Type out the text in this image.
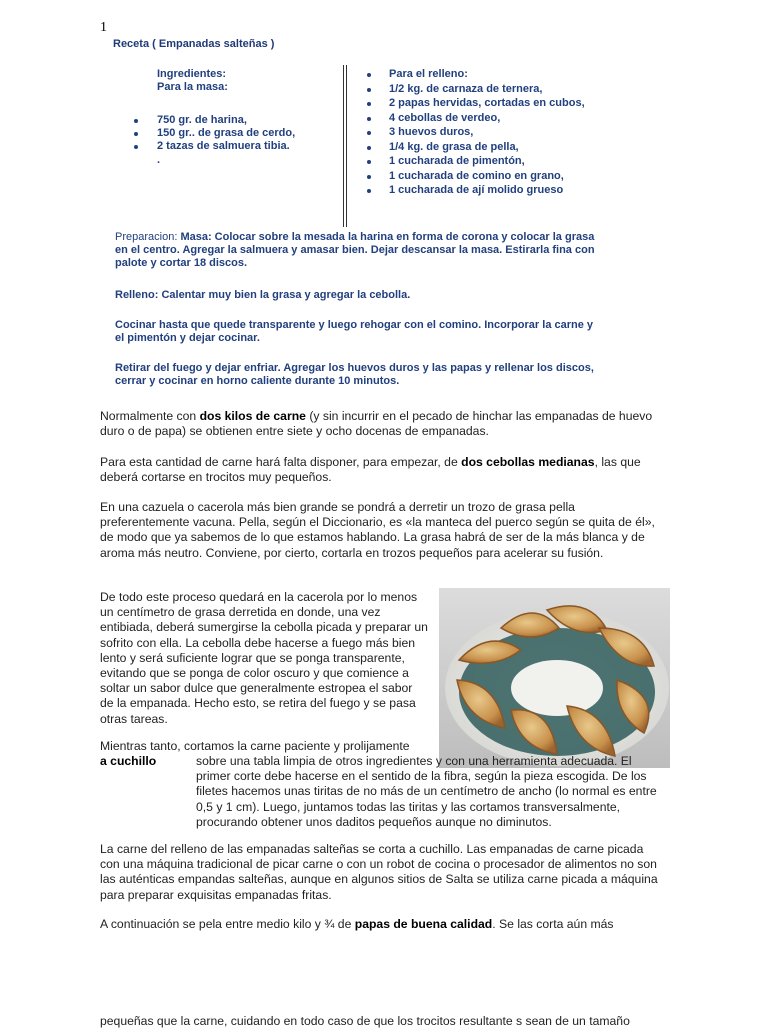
1
Receta ( Empanadas salteñas )
Ingredientes:
Para la masa:
750 gr. de harina,
150 gr.. de grasa de cerdo,
2 tazas de salmuera tibia.
.
Para el relleno:
1/2 kg. de carnaza de ternera,
2 papas hervidas, cortadas en cubos,
4 cebollas de verdeo,
3 huevos duros,
1/4 kg. de grasa de pella,
1 cucharada de pimentón,
1 cucharada de comino en grano,
1 cucharada de ají molido grueso
Preparacion: Masa: Colocar sobre la mesada la harina en forma de corona y colocar la grasa en el centro. Agregar la salmuera y amasar bien. Dejar descansar la masa. Estirarla fina con palote y cortar 18 discos.
Relleno: Calentar muy bien la grasa y agregar la cebolla.
Cocinar hasta que quede transparente y luego rehogar con el comino. Incorporar la carne y el pimentón y dejar cocinar.
Retirar del fuego y dejar enfriar. Agregar los huevos duros y las papas y rellenar los discos, cerrar y cocinar en horno caliente durante 10 minutos.
Normalmente con dos kilos de carne (y sin incurrir en el pecado de hinchar las empanadas de huevo duro o de papa) se obtienen entre siete y ocho docenas de empanadas.
Para esta cantidad de carne hará falta disponer, para empezar, de dos cebollas medianas, las que deberá cortarse en trocitos muy pequeños.
En una cazuela o cacerola más bien grande se pondrá a derretir un trozo de grasa pella preferentemente vacuna. Pella, según el Diccionario, es «la manteca del puerco según se quita de él», de modo que ya sabemos de lo que estamos hablando. La grasa habrá de ser de la más blanca y de aroma más neutro. Conviene, por cierto, cortarla en trozos pequeños para acelerar su fusión.
De todo este proceso quedará en la cacerola por lo menos un centímetro de grasa derretida en donde, una vez entibiada, deberá sumergirse la cebolla picada y preparar un sofrito con ella. La cebolla debe hacerse a fuego más bien lento y será suficiente lograr que se ponga transparente, evitando que se ponga de color oscuro y que comience a soltar un sabor dulce que generalmente estropea el sabor de la empanada. Hecho esto, se retira del fuego y se pasa otras tareas.
Mientras tanto, cortamos la carne paciente y prolijamente
a cuchillo	sobre una tabla limpia de otros ingredientes y con una herramienta adecuada. El primer corte debe hacerse en el sentido de la fibra, según la pieza escogida. De los filetes hacemos unas tiritas de no más de un centímetro de ancho (lo normal es entre 0,5 y 1 cm). Luego, juntamos todas las tiritas y las cortamos transversalmente, procurando obtener unos daditos pequeños aunque no diminutos.
La carne del relleno de las empanadas salteñas se corta a cuchillo. Las empanadas de carne picada con una máquina tradicional de picar carne o con un robot de cocina o procesador de alimentos no son las auténticas empandas salteñas, aunque en algunos sitios de Salta se utiliza carne picada a máquina para preparar exquisitas empanadas fritas.
A continuación se pela entre medio kilo y ¾ de papas de buena calidad. Se las corta aún más
pequeñas que la carne, cuidando en todo caso de que los trocitos resultante s sean de un tamaño
